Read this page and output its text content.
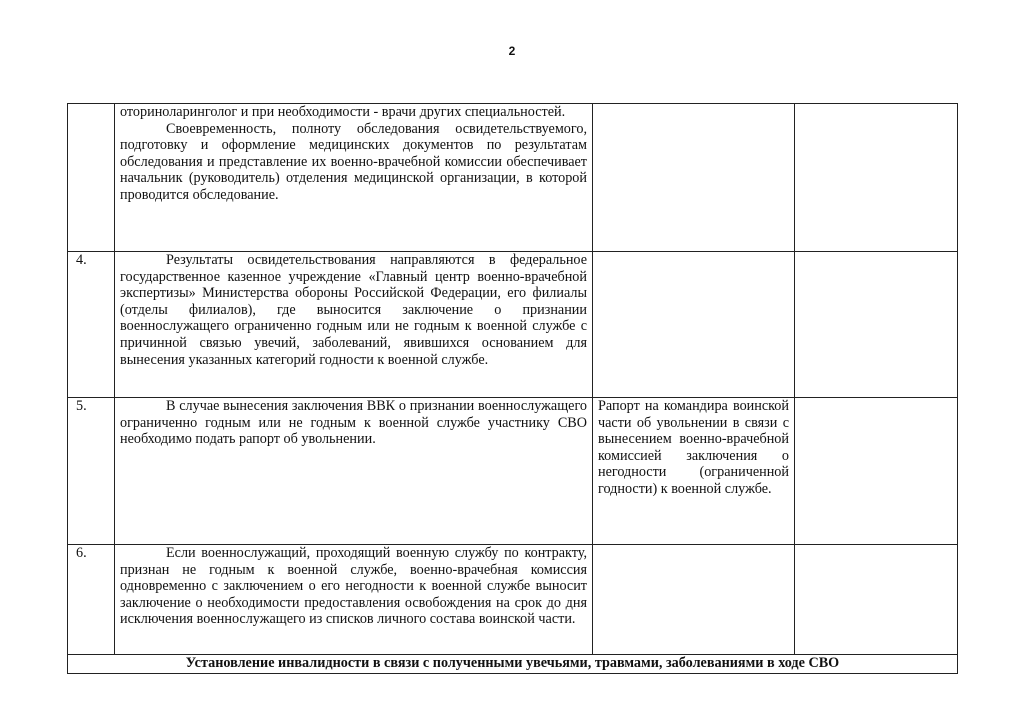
2

	оториноларинголог и при необходимости - врачи других специальностей.

Своевременность, полноту обследования освидетельствуемого, подготовку и оформление медицинских документов по результатам обследования и представление их военно-врачебной комиссии обеспечивает начальник (руководитель) отделения медицинской организации, в которой проводится обследование.		

4.	Результаты освидетельствования направляются в федеральное государственное казенное учреждение «Главный центр военно-врачебной экспертизы» Министерства обороны Российской Федерации, его филиалы (отделы филиалов), где выносится заключение о признании военнослужащего ограниченно годным или не годным к военной службе с причинной связью увечий, заболеваний, явившихся основанием для вынесения указанных категорий годности к военной службе.		

5.	В случае вынесения заключения ВВК о признании военнослужащего ограниченно годным или не годным к военной службе участнику СВО необходимо подать рапорт об увольнении.	Рапорт на командира воинской части об увольнении в связи с вынесением военно-врачебной комиссией заключения о негодности (ограниченной годности) к военной службе.	
6.	Если военнослужащий, проходящий военную службу по контракту, признан не годным к военной службе, военно-врачебная комиссия одновременно с заключением о его негодности к военной службе выносит заключение о необходимости предоставления освобождения на срок до дня исключения военнослужащего из списков личного состава воинской части.		

Установление инвалидности в связи с полученными увечьями, травмами, заболеваниями в ходе СВО			
